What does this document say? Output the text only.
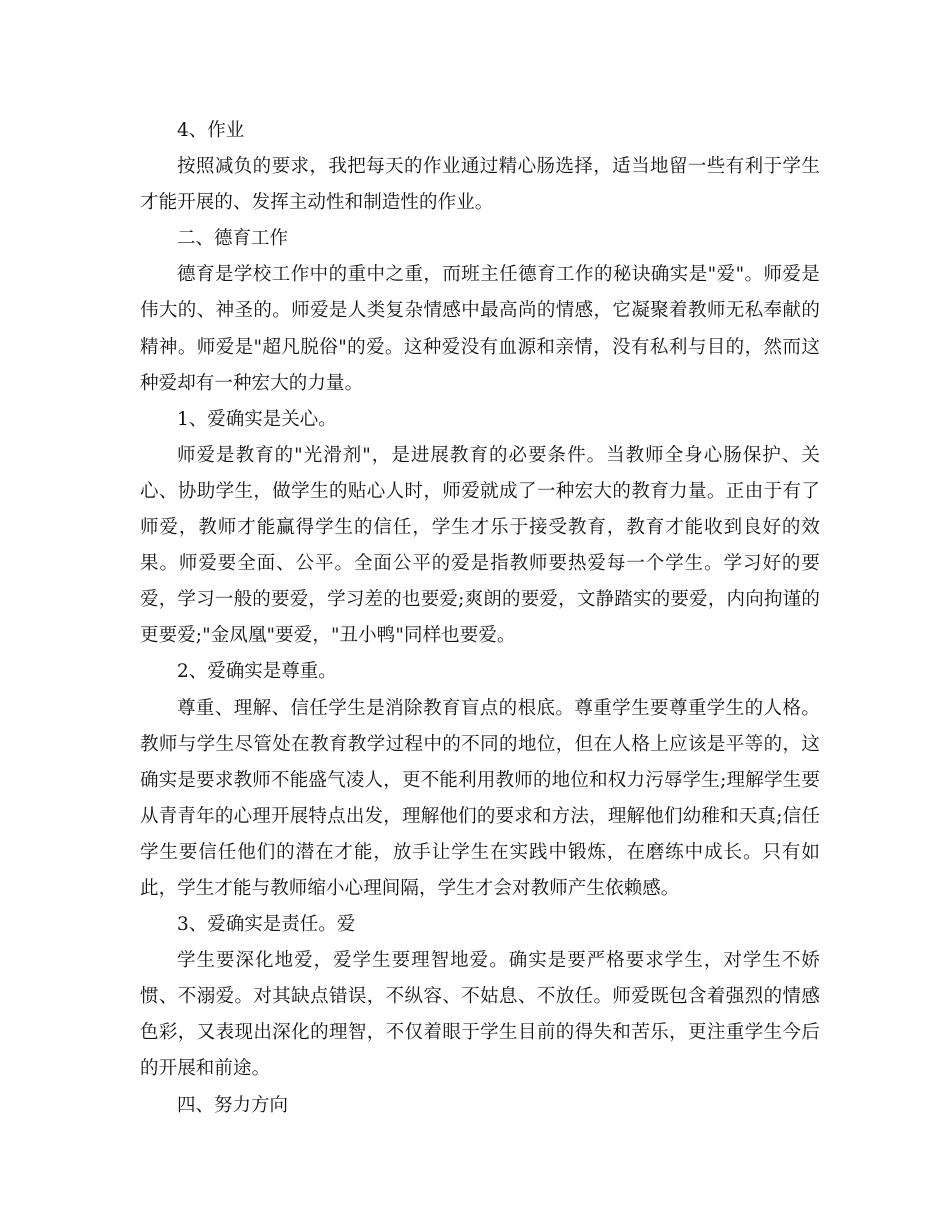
4、作业

按照减负的要求，我把每天的作业通过精心肠选择，适当地留一些有利于学生才能开展的、发挥主动性和制造性的作业。

二、德育工作

德育是学校工作中的重中之重，而班主任德育工作的秘诀确实是"爱"。师爱是伟大的、神圣的。师爱是人类复杂情感中最高尚的情感，它凝聚着教师无私奉献的精神。师爱是"超凡脱俗"的爱。这种爱没有血源和亲情，没有私利与目的，然而这种爱却有一种宏大的力量。

1、爱确实是关心。

师爱是教育的"光滑剂"，是进展教育的必要条件。当教师全身心肠保护、关心、协助学生，做学生的贴心人时，师爱就成了一种宏大的教育力量。正由于有了师爱，教师才能赢得学生的信任，学生才乐于接受教育，教育才能收到良好的效果。师爱要全面、公平。全面公平的爱是指教师要热爱每一个学生。学习好的要爱，学习一般的要爱，学习差的也要爱;爽朗的要爱，文静踏实的要爱，内向拘谨的更要爱;"金凤凰"要爱，"丑小鸭"同样也要爱。

2、爱确实是尊重。

尊重、理解、信任学生是消除教育盲点的根底。尊重学生要尊重学生的人格。教师与学生尽管处在教育教学过程中的不同的地位，但在人格上应该是平等的，这确实是要求教师不能盛气凌人，更不能利用教师的地位和权力污辱学生;理解学生要从青青年的心理开展特点出发，理解他们的要求和方法，理解他们幼稚和天真;信任学生要信任他们的潜在才能，放手让学生在实践中锻炼，在磨练中成长。只有如此，学生才能与教师缩小心理间隔，学生才会对教师产生依赖感。

3、爱确实是责任。爱

学生要深化地爱，爱学生要理智地爱。确实是要严格要求学生，对学生不娇惯、不溺爱。对其缺点错误，不纵容、不姑息、不放任。师爱既包含着强烈的情感色彩，又表现出深化的理智，不仅着眼于学生目前的得失和苦乐，更注重学生今后的开展和前途。

四、努力方向
